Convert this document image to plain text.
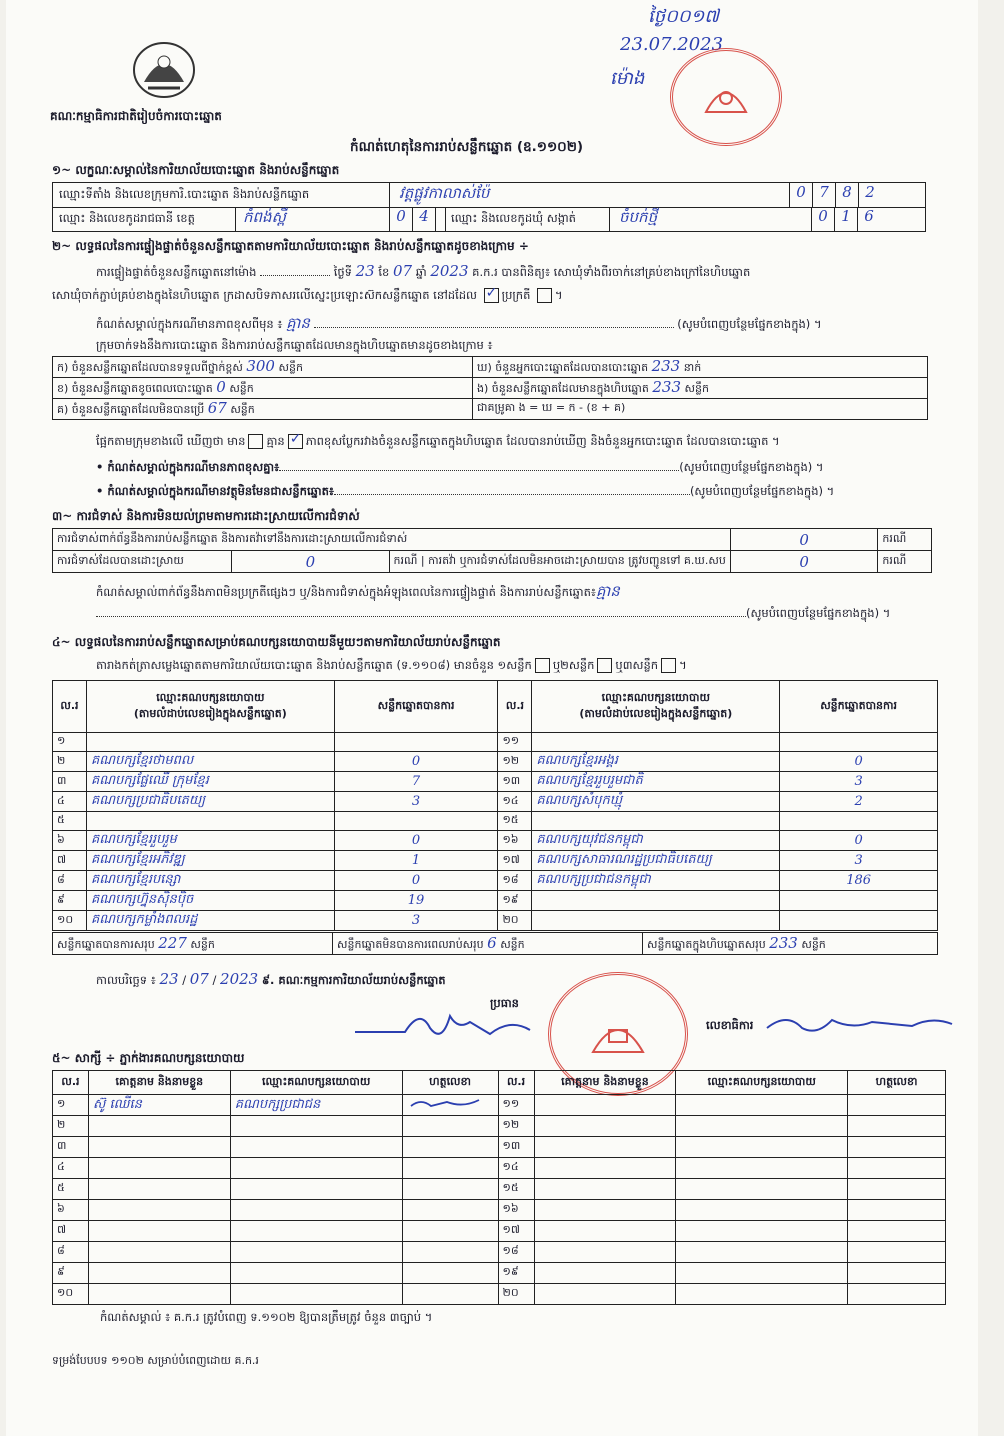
គណៈកម្មាធិការជាតិរៀបចំការបោះឆ្នោត
កំណត់ហេតុនៃការរាប់សន្លឹកឆ្នោត (ឧ.១១០២)
ថ្ងៃ០០១៧
23.07.2023
ម៉ោង
១~ លក្ខណៈសម្គាល់នៃការិយាល័យបោះឆ្នោត និងរាប់សន្លឹកឆ្នោត
ឈ្មោះទីតាំង និងលេខក្រុមការិ.បោះឆ្នោត និងរាប់សន្លឹកឆ្នោត	វត្តផ្លូវកាលាស់ប៉ែ	0 7 8 2
ឈ្មោះ និងលេខកូដរាជធានី ខេត្ត	កំពង់ស្ពឺ	0 4	ឈ្មោះ និងលេខកូដឃុំ សង្កាត់	ចំបក់ថ្មី	0 1 6
២~ លទ្ធផលនៃការផ្ទៀងផ្ទាត់ចំនួនសន្លឹកឆ្នោតតាមការិយាល័យបោះឆ្នោត និងរាប់សន្លឹកឆ្នោតដូចខាងក្រោម ÷
ការផ្ទៀងផ្ទាត់ចំនួនសន្លឹកឆ្នោតនៅម៉ោង	ថ្ងៃទី 23 ខែ 07 ឆ្នាំ 2023 គ.ក.រ បានពិនិត្យ៖ សោឃុំទាំងពីរចាក់នៅគ្រប់ខាងក្រៅនៃហិបឆ្នោត
សោឃុំចាក់ភ្ជាប់គ្រប់ខាងក្នុងនៃហិបឆ្នោត ក្រដាសបិទភាសរលើស្នេះប្រឡោះស៊កសន្លឹកឆ្នោត នៅដដែល ✓ ប្រក្រតី ។
កំណត់សម្គាល់ក្នុងករណីមានភាពខុសពីមុន ៖ គ្មាន	(សូមបំពេញបន្ថែមផ្នែកខាងក្នុង) ។
ក្រុមចាក់ទងនឹងការបោះឆ្នោត និងការរាប់សន្លឹកឆ្នោតដែលមានក្នុងហិបឆ្នោតមានដូចខាងក្រោម ៖
ក) ចំនួនសន្លឹកឆ្នោតដែលបានទទួលពីថ្នាក់ខ្ពស់ 300 សន្លឹក	ឃ) ចំនួនអ្នកបោះឆ្នោតដែលបានបោះឆ្នោត 233 នាក់
ខ) ចំនួនសន្លឹកឆ្នោតខូចពេលបោះឆ្នោត 0 សន្លឹក	ង) ចំនួនសន្លឹកឆ្នោតដែលមានក្នុងហិបឆ្នោត 233 សន្លឹក
គ) ចំនួនសន្លឹកឆ្នោតដែលមិនបានប្រើ 67 សន្លឹក	ជាគម្រូគា ង = ឃ = ក - (ខ + គ)
ផ្អែកតាមក្រុមខាងលើ ឃើញថា មាន គ្មាន ✓ ភាពខុសប្លែករវាងចំនួនសន្លឹកឆ្នោតក្នុងហិបឆ្នោត ដែលបានរាប់ឃើញ និងចំនួនអ្នកបោះឆ្នោត ដែលបានបោះឆ្នោត ។
• កំណត់សម្គាល់ក្នុងករណីមានភាពខុសគ្នា៖	(សូមបំពេញបន្ថែមផ្នែកខាងក្នុង) ។
• កំណត់សម្គាល់ក្នុងករណីមានវត្ថុមិនមែនជាសន្លឹកឆ្នោត៖	(សូមបំពេញបន្ថែមផ្នែកខាងក្នុង) ។
៣~ ការជំទាស់ និងការមិនយល់ព្រមតាមការដោះស្រាយលើការជំទាស់
ការជំទាស់ពាក់ព័ន្ធនឹងការរាប់សន្លឹកឆ្នោត និងការតវ៉ាទៅនឹងការដោះស្រាយលើការជំទាស់			0	ករណី
ការជំទាស់ដែលបានដោះស្រាយ	0	ករណី | ការតវ៉ា ឬការជំទាស់ដែលមិនអាចដោះស្រាយបាន ត្រូវបញ្ជូនទៅ គ.ឃ.សប	0	ករណី
កំណត់សម្គាល់ពាក់ព័ន្ធនឹងភាពមិនប្រក្រតីផ្សេងៗ ឬ/និងការជំទាស់ក្នុងអំឡុងពេលនៃការផ្ទៀងផ្ទាត់ និងការរាប់សន្លឹកឆ្នោត៖គ្មាន
(សូមបំពេញបន្ថែមផ្នែកខាងក្នុង) ។
៤~ លទ្ធផលនៃការរាប់សន្លឹកឆ្នោតសម្រាប់គណបក្សនយោបាយនីមួយៗតាមការិយាល័យរាប់សន្លឹកឆ្នោត
តារាងកត់ត្រាសម្លេងឆ្នោតតាមការិយាល័យបោះឆ្នោត និងរាប់សន្លឹកឆ្នោត (ទ.១១០៨) មានចំនួន ១សន្លឹក ឬ២សន្លឹក ឬ៣សន្លឹក ។
ល.រ	ឈ្មោះគណបក្សនយោបាយ
(តាមលំដាប់លេខរៀងក្នុងសន្លឹកឆ្នោត)	សន្លឹកឆ្នោតបានការ	ល.រ	ឈ្មោះគណបក្សនយោបាយ
(តាមលំដាប់លេខរៀងក្នុងសន្លឹកឆ្នោត)	សន្លឹកឆ្នោតបានការ
១			១១		
២	គណបក្សខ្មែរថាមពល	0	១២	គណបក្សខ្មែរអង្គរ	0
៣	គណបក្សផ្លែឈើ ក្រុមខ្មែរ	7	១៣	គណបក្សខ្មែររួបរួមជាតិ	3
៤	គណបក្សប្រជាធិបតេយ្យ	3	១៤	គណបក្សសំបុកឃ្មុំ	2
៥			១៥		
៦	គណបក្សខ្មែររួបរួម	0	១៦	គណបក្សយុវជនកម្ពុជា	0
៧	គណបក្សខ្មែរអភិវឌ្ឍ	1	១៧	គណបក្សសាធារណរដ្ឋប្រជាធិបតេយ្យ	3
៨	គណបក្សខ្មែរបន្សោ	0	១៨	គណបក្សប្រជាជនកម្ពុជា	186
៩	គណបក្សហ្វ៊ុនស៊ិនប៉ិច	19	១៩		
១០	គណបក្សកម្លាំងពលរដ្ឋ	3	២០		
សន្លឹកឆ្នោតបានការសរុប 227 សន្លឹក	សន្លឹកឆ្នោតមិនបានការពេលរាប់សរុប 6 សន្លឹក	សន្លឹកឆ្នោតក្នុងហិបឆ្នោតសរុប 233 សន្លឹក
កាលបរិច្ឆេទ ៖ 23 / 07 / 2023 ៩. គណៈកម្មការការិយាល័យរាប់សន្លឹកឆ្នោត
ប្រធាន
លេខាធិការ
៥~ សាក្សី ÷ ភ្នាក់ងារគណបក្សនយោបាយ
ល.រ	គោត្តនាម និងនាមខ្លួន	ឈ្មោះគណបក្សនយោបាយ	ហត្ថលេខា	ល.រ	គោត្តនាម និងនាមខ្លួន	ឈ្មោះគណបក្សនយោបាយ	ហត្ថលេខា
១	ស៊ូ ឈើនេ	គណបក្សប្រជាជន		១១			
២				១២			
៣				១៣			
៤				១៤			
៥				១៥			
៦				១៦			
៧				១៧			
៨				១៨			
៩				១៩			
១០				២០			
កំណត់សម្គាល់ ៖ គ.ក.រ ត្រូវបំពេញ ទ.១១០២ ឱ្យបានត្រឹមត្រូវ ចំនួន ៣ច្បាប់ ។
ទម្រង់បែបបទ ១១០២ សម្រាប់បំពេញដោយ គ.ក.រ
